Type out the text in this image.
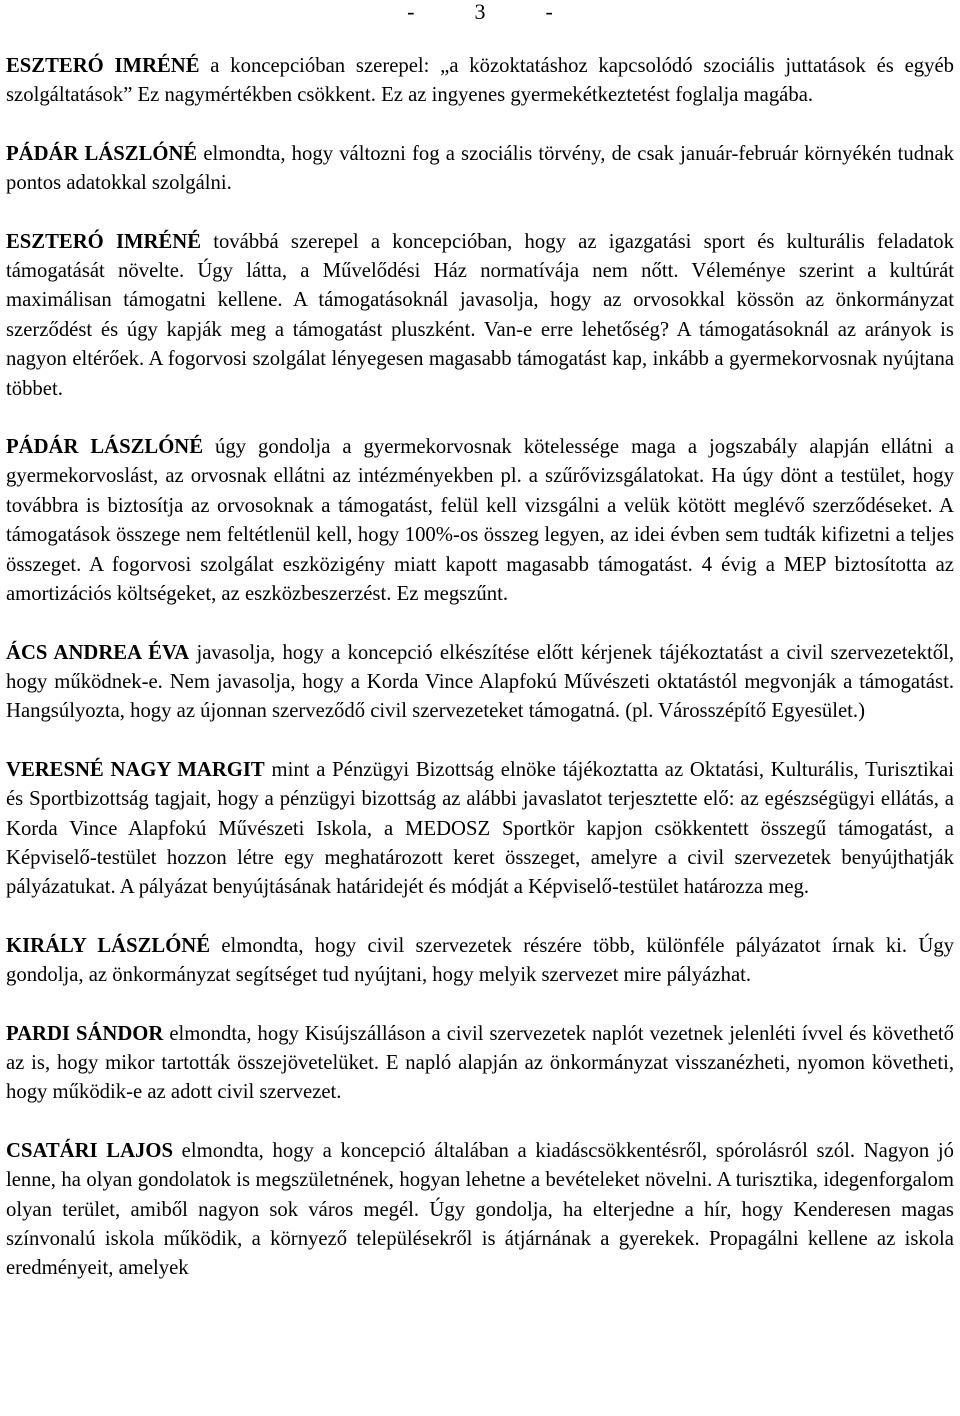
-	3	-

ESZTERÓ IMRÉNÉ a koncepcióban szerepel: „a közoktatáshoz kapcsolódó szociális juttatások és egyéb szolgáltatások” Ez nagymértékben csökkent. Ez az ingyenes gyermekétkeztetést foglalja magába.

PÁDÁR LÁSZLÓNÉ elmondta, hogy változni fog a szociális törvény, de csak január-február környékén tudnak pontos adatokkal szolgálni.

ESZTERÓ IMRÉNÉ továbbá szerepel a koncepcióban, hogy az igazgatási sport és kulturális feladatok támogatását növelte. Úgy látta, a Művelődési Ház normatívája nem nőtt. Véleménye szerint a kultúrát maximálisan támogatni kellene. A támogatásoknál javasolja, hogy az orvosokkal kössön az önkormányzat szerződést és úgy kapják meg a támogatást pluszként. Van-e erre lehetőség? A támogatásoknál az arányok is nagyon eltérőek. A fogorvosi szolgálat lényegesen magasabb támogatást kap, inkább a gyermekorvosnak nyújtana többet.

PÁDÁR LÁSZLÓNÉ úgy gondolja a gyermekorvosnak kötelessége maga a jogszabály alapján ellátni a gyermekorvoslást, az orvosnak ellátni az intézményekben pl. a szűrővizsgálatokat. Ha úgy dönt a testület, hogy továbbra is biztosítja az orvosoknak a támogatást, felül kell vizsgálni a velük kötött meglévő szerződéseket. A támogatások összege nem feltétlenül kell, hogy 100%-os összeg legyen, az idei évben sem tudták kifizetni a teljes összeget. A fogorvosi szolgálat eszközigény miatt kapott magasabb támogatást. 4 évig a MEP biztosította az amortizációs költségeket, az eszközbeszerzést. Ez megszűnt.

ÁCS ANDREA ÉVA javasolja, hogy a koncepció elkészítése előtt kérjenek tájékoztatást a civil szervezetektől, hogy működnek-e. Nem javasolja, hogy a Korda Vince Alapfokú Művészeti oktatástól megvonják a támogatást. Hangsúlyozta, hogy az újonnan szerveződő civil szervezeteket támogatná. (pl. Városszépítő Egyesület.)

VERESNÉ NAGY MARGIT mint a Pénzügyi Bizottság elnöke tájékoztatta az Oktatási, Kulturális, Turisztikai és Sportbizottság tagjait, hogy a pénzügyi bizottság az alábbi javaslatot terjesztette elő: az egészségügyi ellátás, a Korda Vince Alapfokú Művészeti Iskola, a MEDOSZ Sportkör kapjon csökkentett összegű támogatást, a Képviselő-testület hozzon létre egy meghatározott keret összeget, amelyre a civil szervezetek benyújthatják pályázatukat. A pályázat benyújtásának határidejét és módját a Képviselő-testület határozza meg.

KIRÁLY LÁSZLÓNÉ elmondta, hogy civil szervezetek részére több, különféle pályázatot írnak ki. Úgy gondolja, az önkormányzat segítséget tud nyújtani, hogy melyik szervezet mire pályázhat.

PARDI SÁNDOR elmondta, hogy Kisújszálláson a civil szervezetek naplót vezetnek jelenléti ívvel és követhető az is, hogy mikor tartották összejövetelüket. E napló alapján az önkormányzat visszanézheti, nyomon követheti, hogy működik-e az adott civil szervezet.

CSATÁRI LAJOS elmondta, hogy a koncepció általában a kiadáscsökkentésről, spórolásról szól. Nagyon jó lenne, ha olyan gondolatok is megszületnének, hogyan lehetne a bevételeket növelni. A turisztika, idegenforgalom olyan terület, amiből nagyon sok város megél. Úgy gondolja, ha elterjedne a hír, hogy Kenderesen magas színvonalú iskola működik, a környező településekről is átjárnának a gyerekek. Propagálni kellene az iskola eredményeit, amelyek
